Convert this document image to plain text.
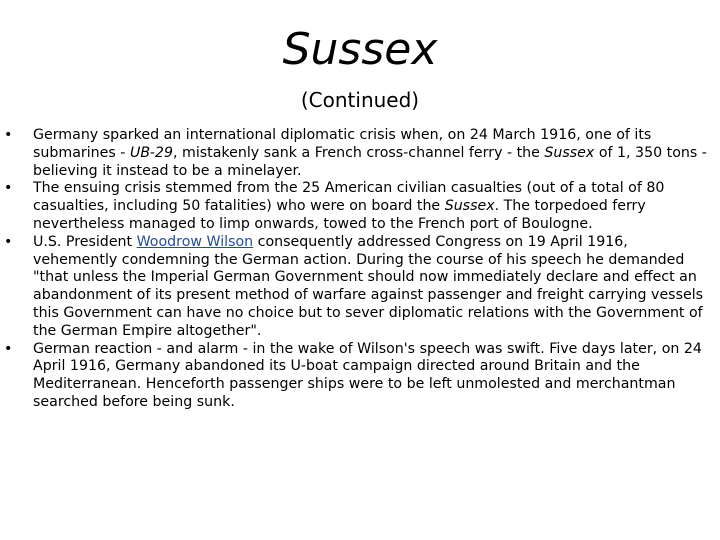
Sussex
(Continued)
• Germany sparked an international diplomatic crisis when, on 24 March 1916, one of its submarines - UB-29, mistakenly sank a French cross-channel ferry - the Sussex of 1, 350 tons - believing it instead to be a minelayer.
• The ensuing crisis stemmed from the 25 American civilian casualties (out of a total of 80 casualties, including 50 fatalities) who were on board the Sussex. The torpedoed ferry nevertheless managed to limp onwards, towed to the French port of Boulogne.
• U.S. President Woodrow Wilson consequently addressed Congress on 19 April 1916, vehemently condemning the German action. During the course of his speech he demanded "that unless the Imperial German Government should now immediately declare and effect an abandonment of its present method of warfare against passenger and freight carrying vessels this Government can have no choice but to sever diplomatic relations with the Government of the German Empire altogether".
• German reaction - and alarm - in the wake of Wilson's speech was swift. Five days later, on 24 April 1916, Germany abandoned its U-boat campaign directed around Britain and the Mediterranean. Henceforth passenger ships were to be left unmolested and merchantman searched before being sunk.
